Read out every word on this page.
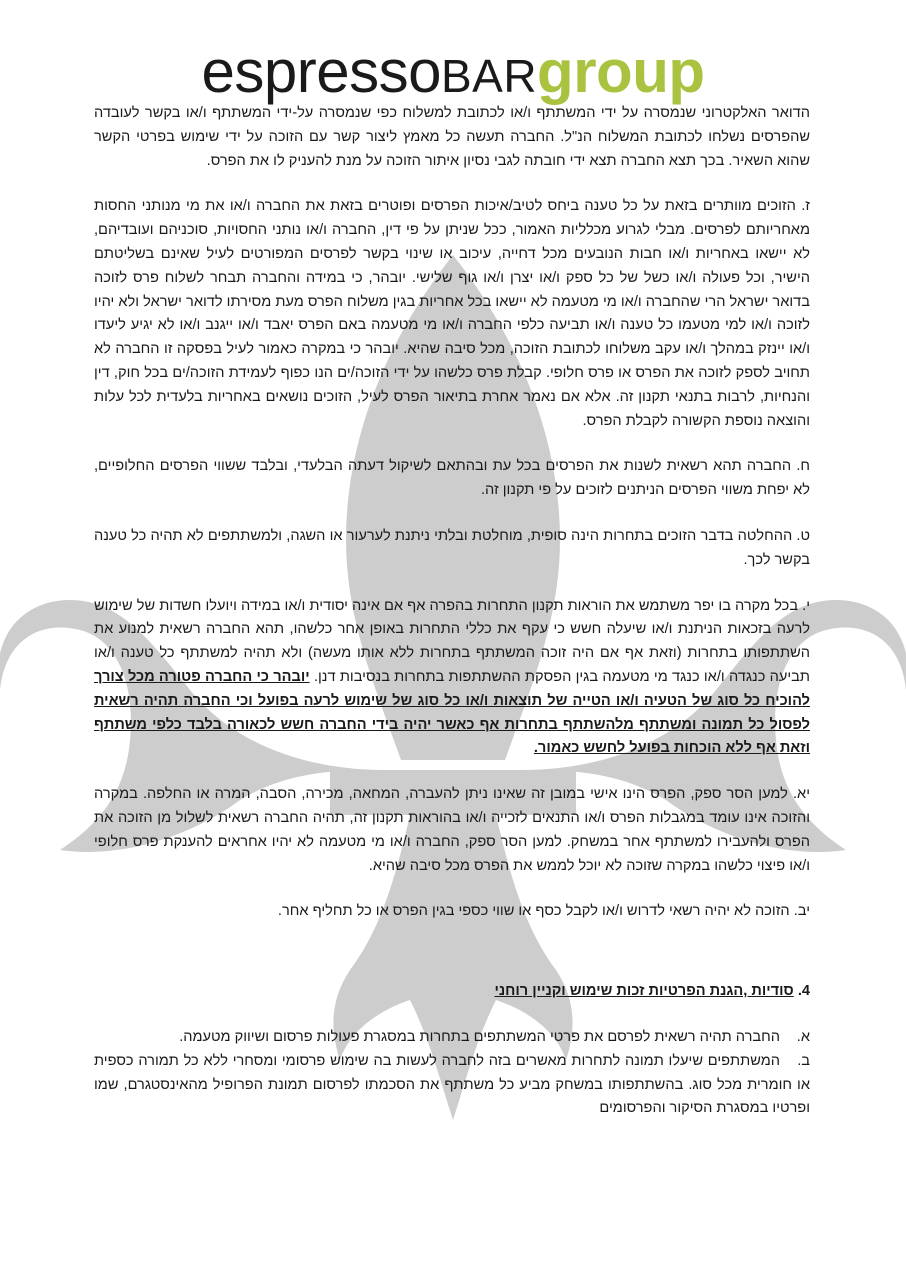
espressoBARgroup

הדואר האלקטרוני שנמסרה על ידי המשתתף ו/או לכתובת למשלוח כפי שנמסרה על-ידי המשתתף ו/או בקשר לעובדה שהפרסים נשלחו לכתובת המשלוח הנ"ל. החברה תעשה כל מאמץ ליצור קשר עם הזוכה על ידי שימוש בפרטי הקשר שהוא השאיר. בכך תצא החברה תצא ידי חובתה לגבי נסיון איתור הזוכה על מנת להעניק לו את הפרס.

ז. הזוכים מוותרים בזאת על כל טענה ביחס לטיב/איכות הפרסים ופוטרים בזאת את החברה ו/או את מי מנותני החסות מאחריותם לפרסים. מבלי לגרוע מכלליות האמור, ככל שניתן על פי דין, החברה ו/או נותני החסויות, סוכניהם ועובדיהם, לא יישאו באחריות ו/או חבות הנובעים מכל דחייה, עיכוב או שינוי בקשר לפרסים המפורטים לעיל שאינם בשליטתם הישיר, וכל פעולה ו/או כשל של כל ספק ו/או יצרן ו/או גוף שלישי. יובהר, כי במידה והחברה תבחר לשלוח פרס לזוכה בדואר ישראל הרי שהחברה ו/או מי מטעמה לא יישאו בכל אחריות בגין משלוח הפרס מעת מסירתו לדואר ישראל ולא יהיו לזוכה ו/או למי מטעמו כל טענה ו/או תביעה כלפי החברה ו/או מי מטעמה באם הפרס יאבד ו/או ייגנב ו/או לא יגיע ליעדו ו/או יינזק במהלך ו/או עקב משלוחו לכתובת הזוכה, מכל סיבה שהיא. יובהר כי במקרה כאמור לעיל בפסקה זו החברה לא תחויב לספק לזוכה את הפרס או פרס חלופי. קבלת פרס כלשהו על ידי הזוכה/ים הנו כפוף לעמידת הזוכה/ים בכל חוק, דין והנחיות, לרבות בתנאי תקנון זה. אלא אם נאמר אחרת בתיאור הפרס לעיל, הזוכים נושאים באחריות בלעדית לכל עלות והוצאה נוספת הקשורה לקבלת הפרס.

ח. החברה תהא רשאית לשנות את הפרסים בכל עת ובהתאם לשיקול דעתה הבלעדי, ובלבד ששווי הפרסים החלופיים, לא יפחת משווי הפרסים הניתנים לזוכים על פי תקנון זה.

ט. ההחלטה בדבר הזוכים בתחרות הינה סופית, מוחלטת ובלתי ניתנת לערעור או השגה, ולמשתתפים לא תהיה כל טענה בקשר לכך.

י. בכל מקרה בו יפר משתמש את הוראות תקנון התחרות בהפרה אף אם אינה יסודית ו/או במידה ויועלו חשדות של שימוש לרעה בזכאות הניתנת ו/או שיעלה חשש כי עקף את כללי התחרות באופן אחר כלשהו, תהא החברה רשאית למנוע את השתתפותו בתחרות (וזאת אף אם היה זוכה המשתתף בתחרות ללא אותו מעשה) ולא תהיה למשתתף כל טענה ו/או תביעה כנגדה ו/או כנגד מי מטעמה בגין הפסקת ההשתתפות בתחרות בנסיבות דנן. יובהר כי החברה פטורה מכל צורך להוכיח כל סוג של הטעיה ו/או הטייה של תוצאות ו/או כל סוג של שימוש לרעה בפועל וכי החברה תהיה רשאית לפסול כל תמונה ומשתתף מלהשתתף בתחרות אף כאשר יהיה בידי החברה חשש לכאורה בלבד כלפי משתתף וזאת אף ללא הוכחות בפועל לחשש כאמור.

יא. למען הסר ספק, הפרס הינו אישי במובן זה שאינו ניתן להעברה, המחאה, מכירה, הסבה, המרה או החלפה. במקרה והזוכה אינו עומד במגבלות הפרס ו/או התנאים לזכייה ו/או בהוראות תקנון זה, תהיה החברה רשאית לשלול מן הזוכה את הפרס ולהעבירו למשתתף אחר במשחק. למען הסר ספק, החברה ו/או מי מטעמה לא יהיו אחראים להענקת פרס חלופי ו/או פיצוי כלשהו במקרה שזוכה לא יוכל לממש את הפרס מכל סיבה שהיא.

יב. הזוכה לא יהיה רשאי לדרוש ו/או לקבל כסף או שווי כספי בגין הפרס או כל תחליף אחר.

4. סודיות ,הגנת הפרטיות זכות שימוש וקניין רוחני

א.החברה תהיה רשאית לפרסם את פרטי המשתתפים בתחרות במסגרת פעולות פרסום ושיווק מטעמה.

ב.המשתתפים שיעלו תמונה לתחרות מאשרים בזה לחברה לעשות בה שימוש פרסומי ומסחרי ללא כל תמורה כספית או חומרית מכל סוג. בהשתתפותו במשחק מביע כל משתתף את הסכמתו לפרסום תמונת הפרופיל מהאינסטגרם, שמו ופרטיו במסגרת הסיקור והפרסומים
